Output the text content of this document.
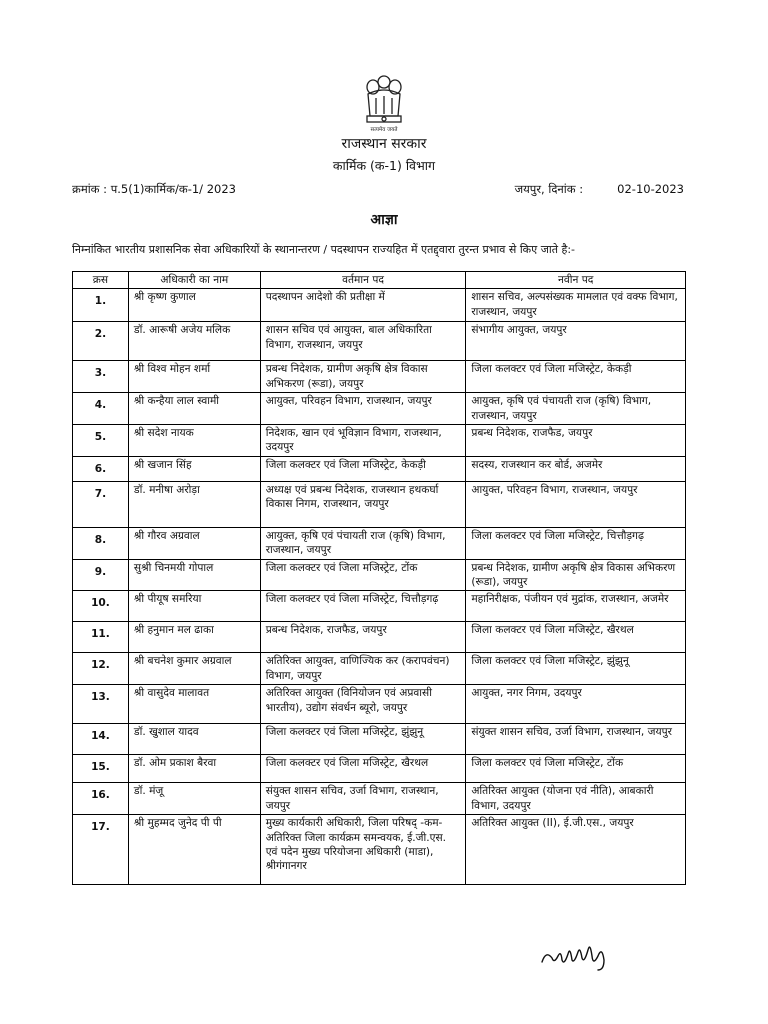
सत्यमेव जयते
राजस्थान सरकार
कार्मिक (क-1) विभाग
क्रमांक : प.5(1)कार्मिक/क-1/ 2023	जयपुर, दिनांक :	02-10-2023
आज्ञा
निम्नांकित भारतीय प्रशासनिक सेवा अधिकारियों के स्थानान्तरण / पदस्थापन राज्यहित में एतद्द्वारा तुरन्त प्रभाव से किए जाते है:-
क्रस	अधिकारी का नाम	वर्तमान पद	नवीन पद
1.	श्री कृष्ण कुणाल	पदस्थापन आदेशो की प्रतीक्षा में	शासन सचिव, अल्पसंख्यक मामलात एवं वक्फ विभाग, राजस्थान, जयपुर
2.	डॉ. आरूषी अजेय मलिक	शासन सचिव एवं आयुक्त, बाल अधिकारिता विभाग, राजस्थान, जयपुर	संभागीय आयुक्त, जयपुर
3.	श्री विश्व मोहन शर्मा	प्रबन्ध निदेशक, ग्रामीण अकृषि क्षेत्र विकास अभिकरण (रूडा), जयपुर	जिला कलक्टर एवं जिला मजिस्ट्रेट, केकड़ी
4.	श्री कन्हैया लाल स्वामी	आयुक्त, परिवहन विभाग, राजस्थान, जयपुर	आयुक्त, कृषि एवं पंचायती राज (कृषि) विभाग, राजस्थान, जयपुर
5.	श्री सदेश नायक	निदेशक, खान एवं भूविज्ञान विभाग, राजस्थान, उदयपुर	प्रबन्ध निदेशक, राजफैड, जयपुर
6.	श्री खजान सिंह	जिला कलक्टर एवं जिला मजिस्ट्रेट, केकड़ी	सदस्य, राजस्थान कर बोर्ड, अजमेर
7.	डॉ. मनीषा अरोड़ा	अध्यक्ष एवं प्रबन्ध निदेशक, राजस्थान हथकर्घा विकास निगम, राजस्थान, जयपुर	आयुक्त, परिवहन विभाग, राजस्थान, जयपुर
8.	श्री गौरव अग्रवाल	आयुक्त, कृषि एवं पंचायती राज (कृषि) विभाग, राजस्थान, जयपुर	जिला कलक्टर एवं जिला मजिस्ट्रेट, चित्तौड़गढ़
9.	सुश्री चिनमयी गोपाल	जिला कलक्टर एवं जिला मजिस्ट्रेट, टोंक	प्रबन्ध निदेशक, ग्रामीण अकृषि क्षेत्र विकास अभिकरण (रूडा), जयपुर
10.	श्री पीयूष समरिया	जिला कलक्टर एवं जिला मजिस्ट्रेट, चित्तौड़गढ़	महानिरीक्षक, पंजीयन एवं मुद्रांक, राजस्थान, अजमेर
11.	श्री हनुमान मल ढाका	प्रबन्ध निदेशक, राजफैड, जयपुर	जिला कलक्टर एवं जिला मजिस्ट्रेट, खैरथल
12.	श्री बचनेश कुमार अग्रवाल	अतिरिक्त आयुक्त, वाणिज्यिक कर (करापवंचन) विभाग, जयपुर	जिला कलक्टर एवं जिला मजिस्ट्रेट, झुंझुनू
13.	श्री वासुदेव मालावत	अतिरिक्त आयुक्त (विनियोजन एवं अप्रवासी भारतीय), उद्योग संवर्धन ब्यूरो, जयपुर	आयुक्त, नगर निगम, उदयपुर
14.	डॉ. खुशाल यादव	जिला कलक्टर एवं जिला मजिस्ट्रेट, झुंझुनू	संयुक्त शासन सचिव, उर्जा विभाग, राजस्थान, जयपुर
15.	डॉ. ओम प्रकाश बैरवा	जिला कलक्टर एवं जिला मजिस्ट्रेट, खैरथल	जिला कलक्टर एवं जिला मजिस्ट्रेट, टोंक
16.	डॉ. मंजू	संयुक्त शासन सचिव, उर्जा विभाग, राजस्थान, जयपुर	अतिरिक्त आयुक्त (योजना एवं नीति), आबकारी विभाग, उदयपुर
17.	श्री मुहम्मद जुनेद पी पी	मुख्य कार्यकारी अधिकारी, जिला परिषद् -कम- अतिरिक्त जिला कार्यक्रम समन्वयक, ई.जी.एस. एवं पदेन मुख्य परियोजना अधिकारी (माडा), श्रीगंगानगर	अतिरिक्त आयुक्त (II), ई.जी.एस., जयपुर
